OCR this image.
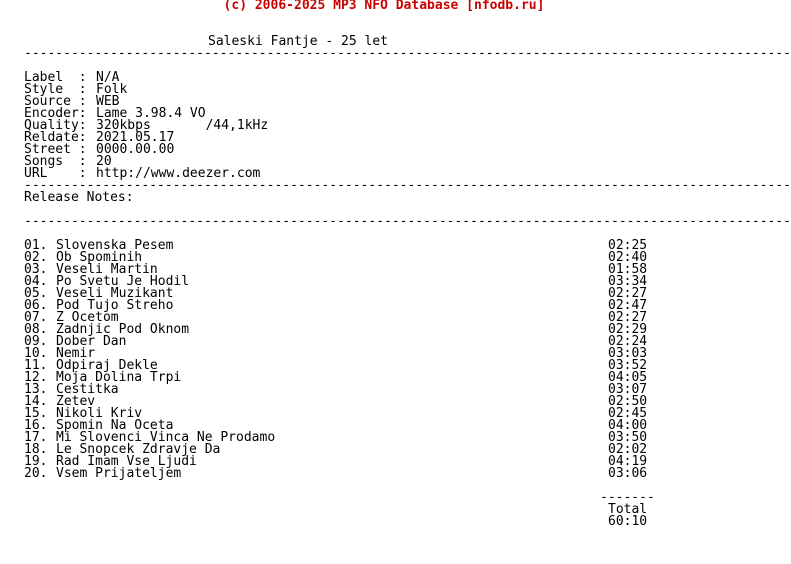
(c) 2006-2025 MP3 NFO Database [nfodb.ru]
Saleski Fantje - 25 let
--------------------------------------------------------------------------------------------------
Label  : N/A
Style  : Folk
Source : WEB
Encoder: Lame 3.98.4 VO
Quality: 320kbps       /44,1kHz
Reldate: 2021.05.17
Street : 0000.00.00
Songs  : 20
URL    : http://www.deezer.com
--------------------------------------------------------------------------------------------------
Release Notes:
--------------------------------------------------------------------------------------------------
01. Slovenska Pesem	02:25
02. Ob Spominih	02:40
03. Veseli Martin	01:58
04. Po Svetu Je Hodil	03:34
05. Veseli Muzikant	02:27
06. Pod Tujo Streho	02:47
07. Z Ocetom	02:27
08. Zadnjic Pod Oknom	02:29
09. Dober Dan	02:24
10. Nemir	03:03
11. Odpiraj Dekle	03:52
12. Moja Dolina Trpi	04:05
13. Cestitka	03:07
14. Zetev	02:50
15. Nikoli Kriv	02:45
16. Spomin Na Oceta	04:00
17. Mi Slovenci Vinca Ne Prodamo	03:50
18. Le Snopcek Zdravje Da	02:02
19. Rad Imam Vse Ljudi	04:19
20. Vsem Prijateljem	03:06
-------
Total
60:10
